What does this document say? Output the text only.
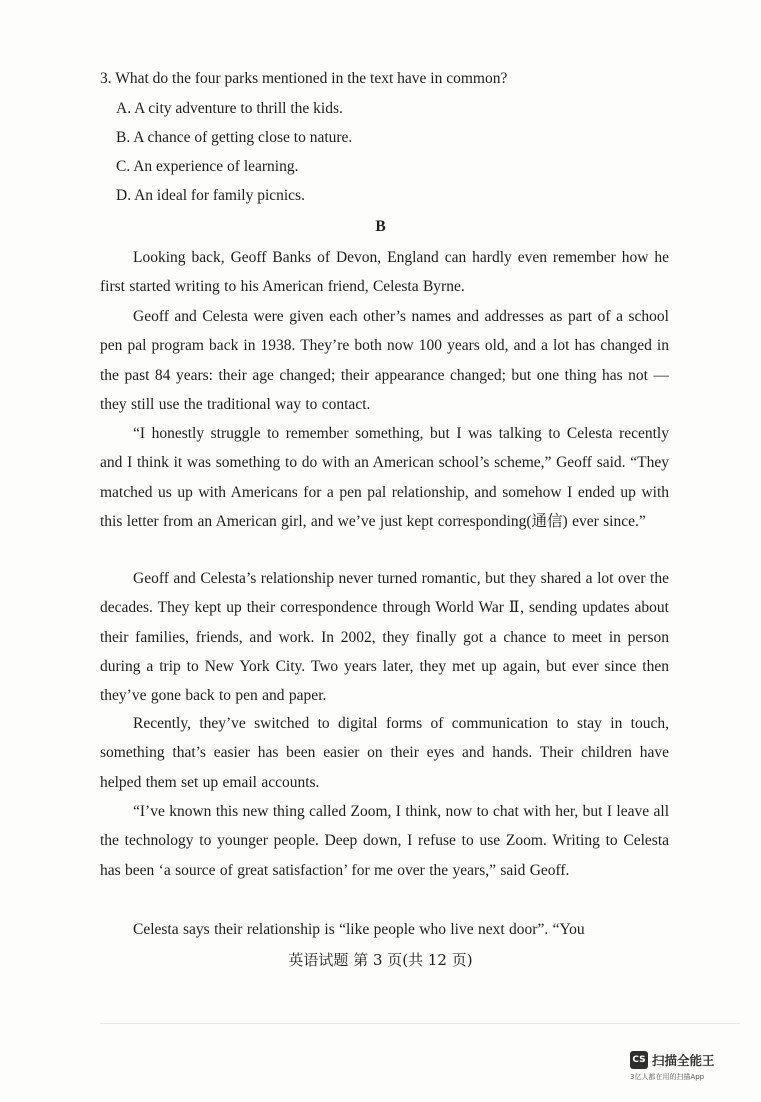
3. What do the four parks mentioned in the text have in common?
A. A city adventure to thrill the kids.
B. A chance of getting close to nature.
C. An experience of learning.
D. An ideal for family picnics.
B
Looking back, Geoff Banks of Devon, England can hardly even remember how he first started writing to his American friend, Celesta Byrne.
Geoff and Celesta were given each other’s names and addresses as part of a school pen pal program back in 1938. They’re both now 100 years old, and a lot has changed in the past 84 years: their age changed; their appearance changed; but one thing has not — they still use the traditional way to contact.
“I honestly struggle to remember something, but I was talking to Celesta recently and I think it was something to do with an American school’s scheme,” Geoff said. “They matched us up with Americans for a pen pal relationship, and somehow I ended up with this letter from an American girl, and we’ve just kept corresponding(通信) ever since.”
Geoff and Celesta’s relationship never turned romantic, but they shared a lot over the decades. They kept up their correspondence through World War Ⅱ, sending updates about their families, friends, and work. In 2002, they finally got a chance to meet in person during a trip to New York City. Two years later, they met up again, but ever since then they’ve gone back to pen and paper.
Recently, they’ve switched to digital forms of communication to stay in touch, something that’s easier has been easier on their eyes and hands. Their children have helped them set up email accounts.
“I’ve known this new thing called Zoom, I think, now to chat with her, but I leave all the technology to younger people. Deep down, I refuse to use Zoom. Writing to Celesta has been ‘a source of great satisfaction’ for me over the years,” said Geoff.
Celesta says their relationship is “like people who live next door”. “You
英语试题 第 3 页(共 12 页)
CS 扫描全能王
3亿人都在用的扫描App
